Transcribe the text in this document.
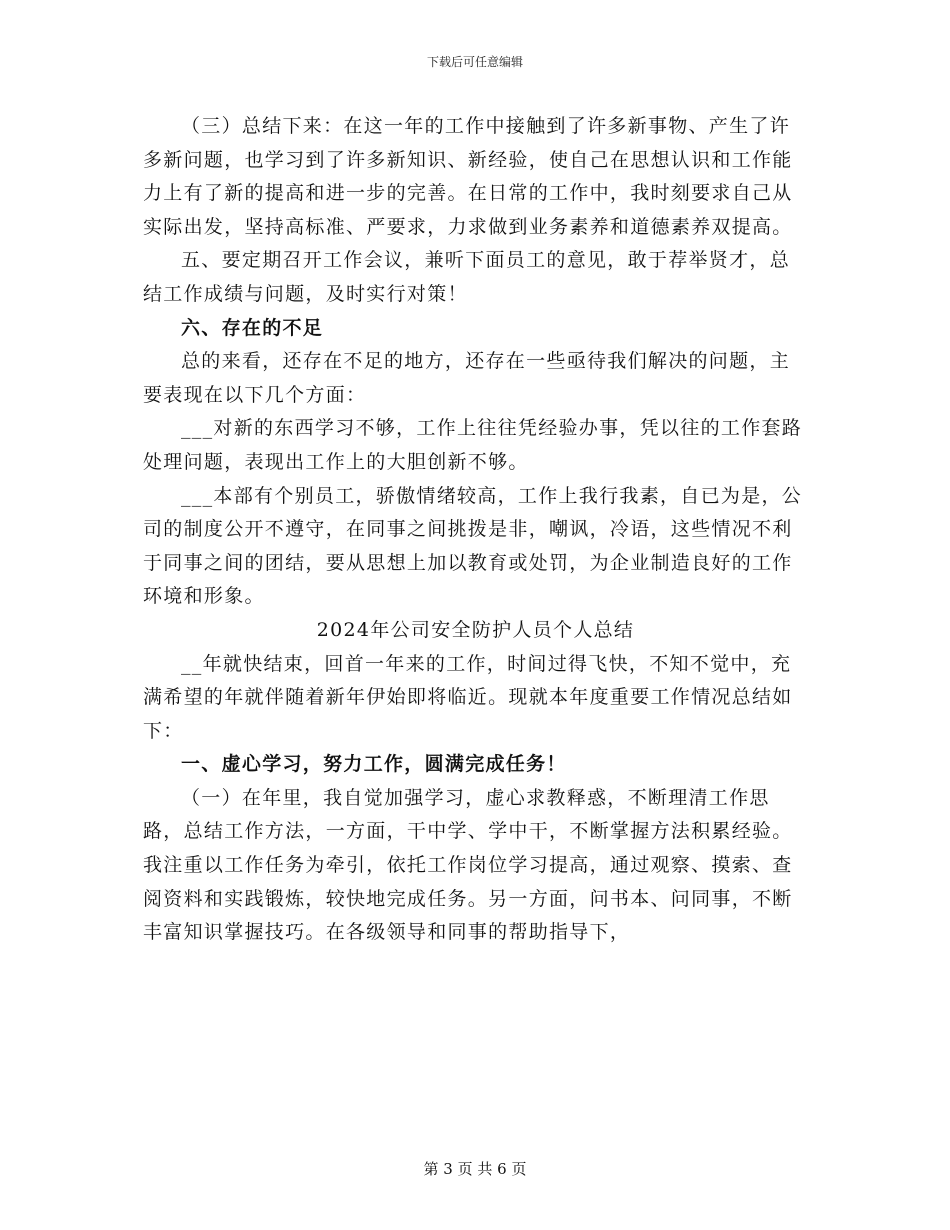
下载后可任意编辑

（三）总结下来：在这一年的工作中接触到了许多新事物、产生了许多新问题，也学习到了许多新知识、新经验，使自己在思想认识和工作能力上有了新的提高和进一步的完善。在日常的工作中，我时刻要求自己从实际出发，坚持高标准、严要求，力求做到业务素养和道德素养双提高。

五、要定期召开工作会议，兼听下面员工的意见，敢于荐举贤才，总结工作成绩与问题，及时实行对策！

六、存在的不足

总的来看，还存在不足的地方，还存在一些亟待我们解决的问题，主要表现在以下几个方面：

___对新的东西学习不够，工作上往往凭经验办事，凭以往的工作套路处理问题，表现出工作上的大胆创新不够。

___本部有个别员工，骄傲情绪较高，工作上我行我素，自已为是，公司的制度公开不遵守，在同事之间挑拨是非，嘲讽，冷语，这些情况不利于同事之间的团结，要从思想上加以教育或处罚，为企业制造良好的工作环境和形象。

2024年公司安全防护人员个人总结

__年就快结束，回首一年来的工作，时间过得飞快，不知不觉中，充满希望的年就伴随着新年伊始即将临近。现就本年度重要工作情况总结如下：

一、虚心学习，努力工作，圆满完成任务！

（一）在年里，我自觉加强学习，虚心求教释惑，不断理清工作思路，总结工作方法，一方面，干中学、学中干，不断掌握方法积累经验。我注重以工作任务为牵引，依托工作岗位学习提高，通过观察、摸索、查阅资料和实践锻炼，较快地完成任务。另一方面，问书本、问同事，不断丰富知识掌握技巧。在各级领导和同事的帮助指导下，

第 3 页 共 6 页
